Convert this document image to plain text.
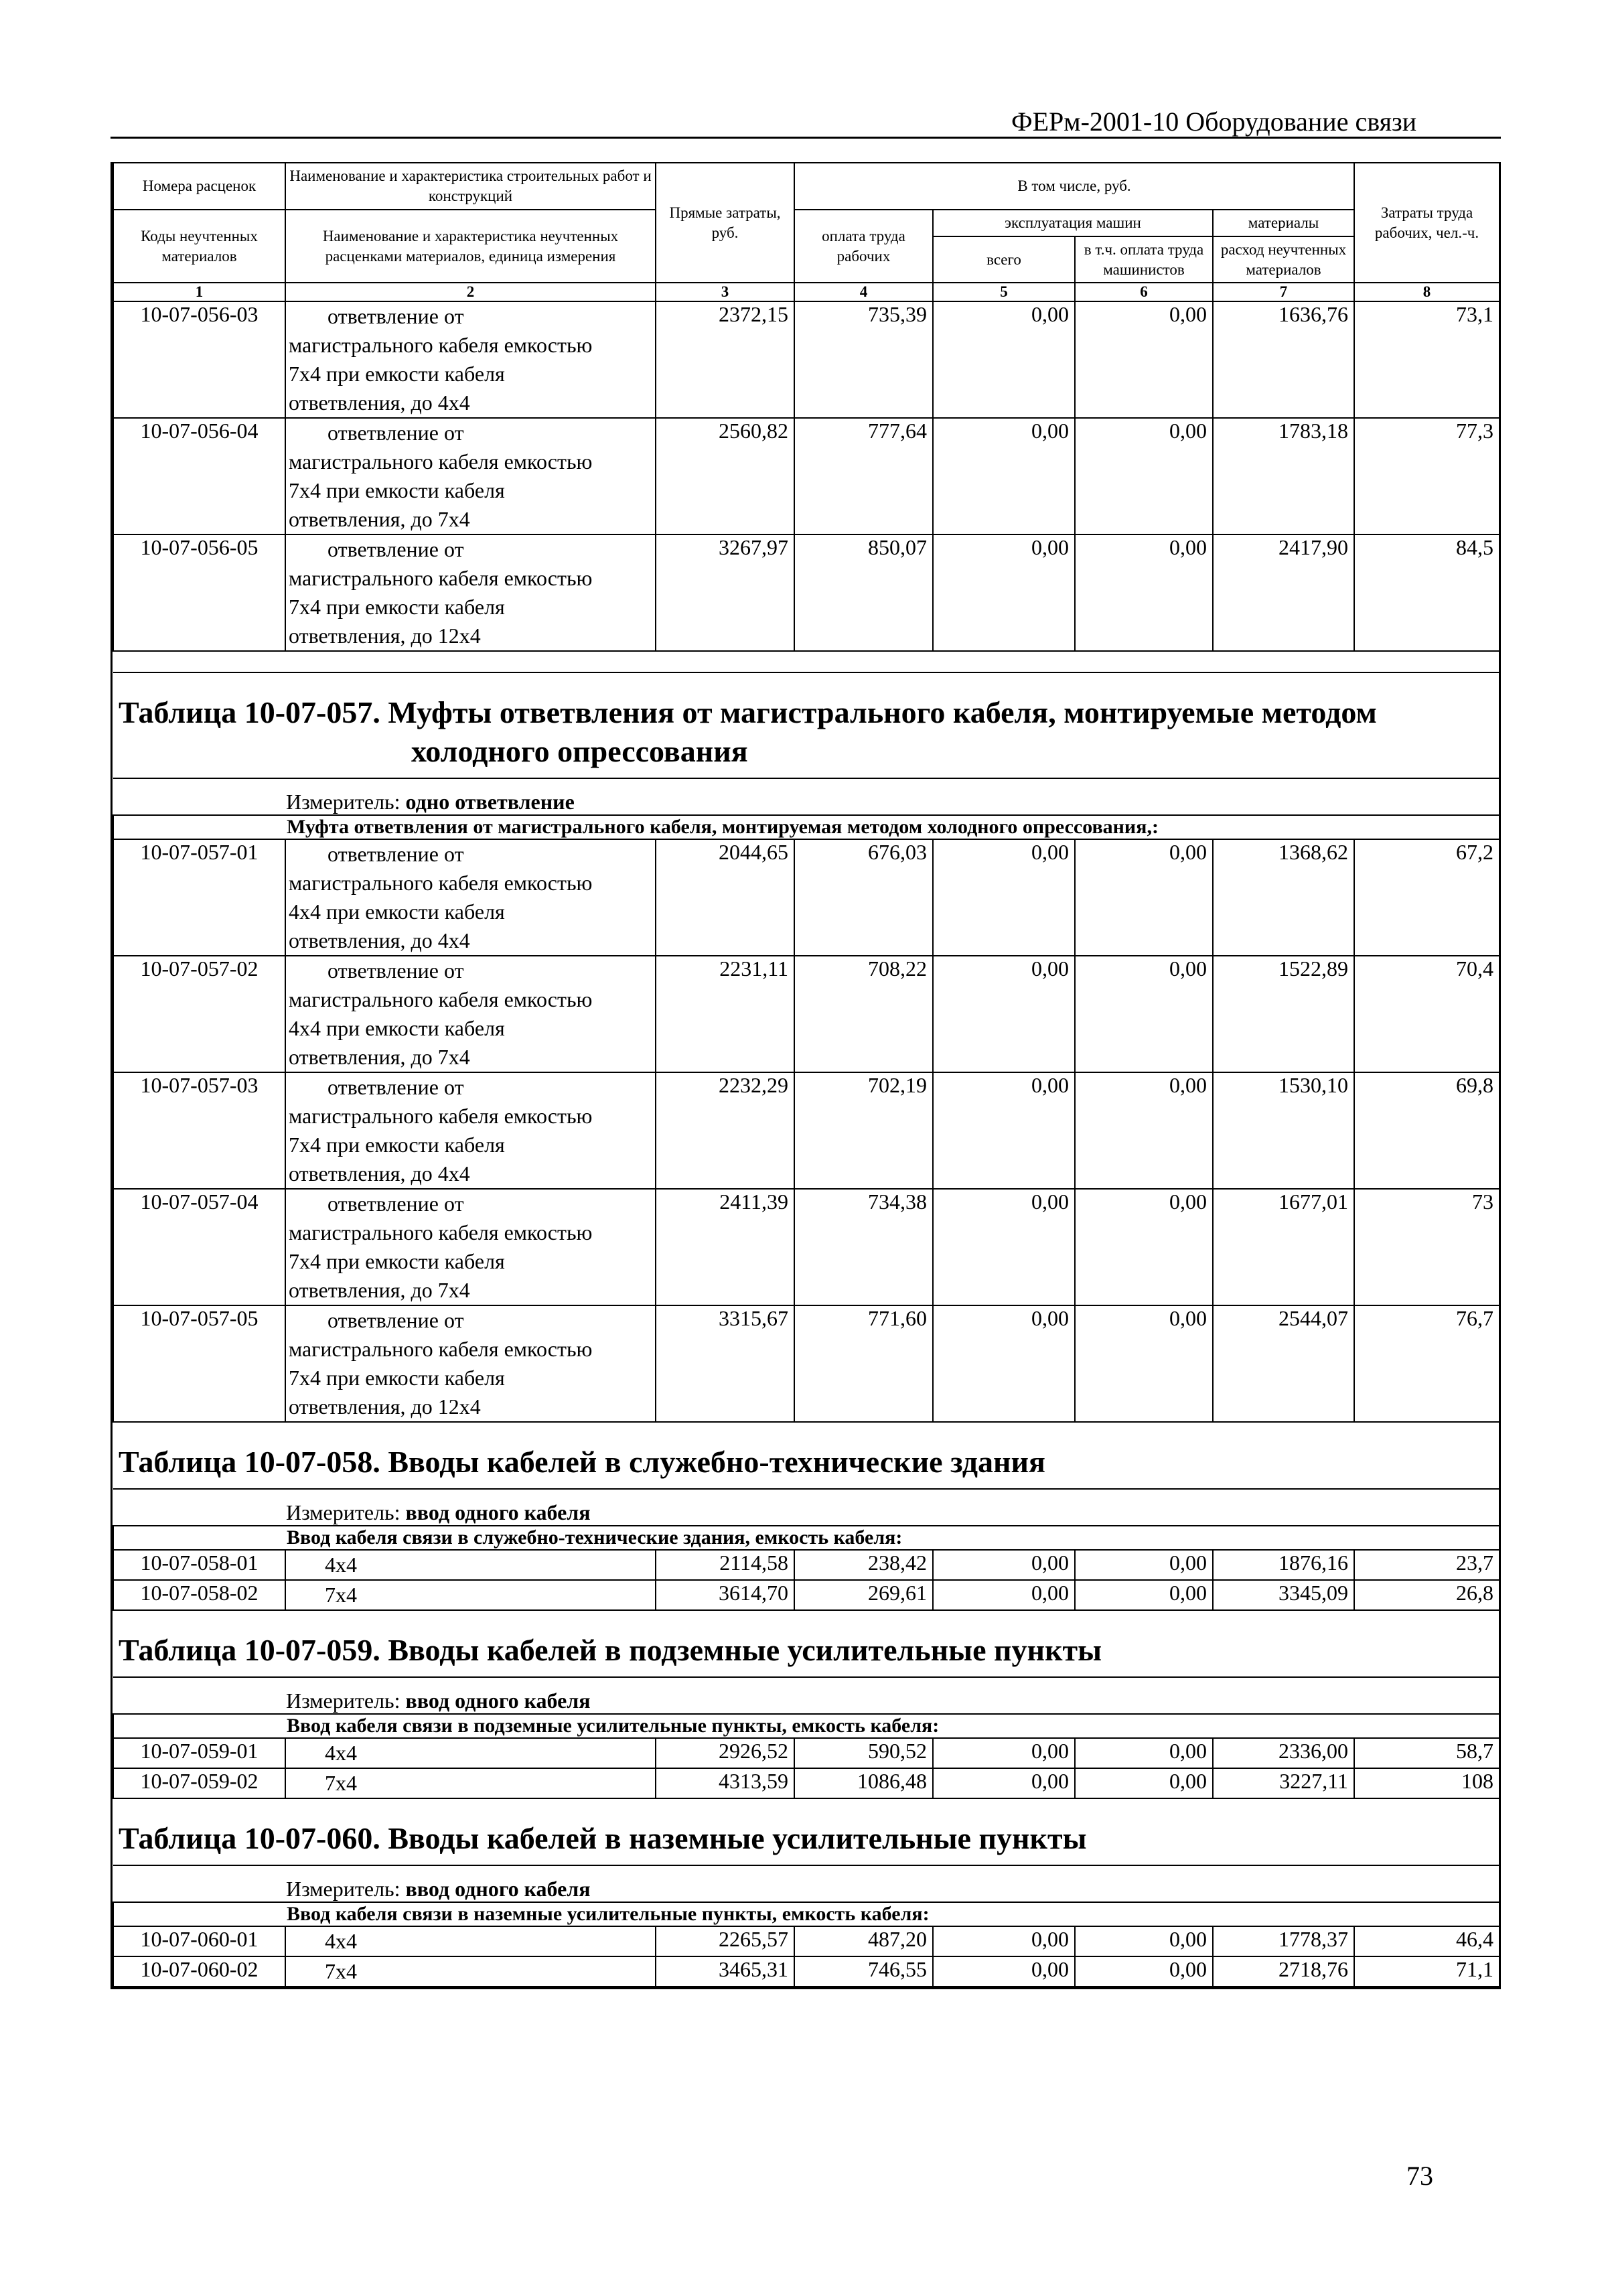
ФЕРм-2001-10 Оборудование связи
Номера расценок	Наименование и характеристика строительных работ и конструкций	Прямые затраты, руб.	В том числе, руб.				Затраты труда рабочих, чел.-ч.
Коды неучтенных материалов	Наименование и характеристика неучтенных расценками материалов, единица измерения		оплата труда рабочих	эксплуатация машин		материалы	
				всего	в т.ч. оплата труда машинистов	расход неучтенных материалов	
1	2	3	4	5	6	7	8
10-07-056-03	ответвление от
магистрального кабеля емкостью
7х4 при емкости кабеля
ответвления, до 4х4	2372,15	735,39	0,00	0,00	1636,76	73,1
10-07-056-04	ответвление от
магистрального кабеля емкостью
7х4 при емкости кабеля
ответвления, до 7х4	2560,82	777,64	0,00	0,00	1783,18	77,3
10-07-056-05	ответвление от
магистрального кабеля емкостью
7х4 при емкости кабеля
ответвления, до 12х4	3267,97	850,07	0,00	0,00	2417,90	84,5

Таблица 10-07-057. Муфты ответвления от магистрального кабеля, монтируемые методом
холодного опрессования							

Измеритель: одно ответвление							
Муфта ответвления от магистрального кабеля, монтируемая методом холодного опрессования,:							
10-07-057-01	ответвление от
магистрального кабеля емкостью
4х4 при емкости кабеля
ответвления, до 4х4	2044,65	676,03	0,00	0,00	1368,62	67,2
10-07-057-02	ответвление от
магистрального кабеля емкостью
4х4 при емкости кабеля
ответвления, до 7х4	2231,11	708,22	0,00	0,00	1522,89	70,4
10-07-057-03	ответвление от
магистрального кабеля емкостью
7х4 при емкости кабеля
ответвления, до 4х4	2232,29	702,19	0,00	0,00	1530,10	69,8
10-07-057-04	ответвление от
магистрального кабеля емкостью
7х4 при емкости кабеля
ответвления, до 7х4	2411,39	734,38	0,00	0,00	1677,01	73
10-07-057-05	ответвление от
магистрального кабеля емкостью
7х4 при емкости кабеля
ответвления, до 12х4	3315,67	771,60	0,00	0,00	2544,07	76,7
Таблица 10-07-058. Вводы кабелей в служебно-технические здания							
Измеритель: ввод одного кабеля							
Ввод кабеля связи в служебно-технические здания, емкость кабеля:							
10-07-058-01	4х4	2114,58	238,42	0,00	0,00	1876,16	23,7
10-07-058-02	7х4	3614,70	269,61	0,00	0,00	3345,09	26,8
Таблица 10-07-059. Вводы кабелей в подземные усилительные пункты							
Измеритель: ввод одного кабеля							
Ввод кабеля связи в подземные усилительные пункты, емкость кабеля:							
10-07-059-01	4х4	2926,52	590,52	0,00	0,00	2336,00	58,7
10-07-059-02	7х4	4313,59	1086,48	0,00	0,00	3227,11	108
Таблица 10-07-060. Вводы кабелей в наземные усилительные пункты							
Измеритель: ввод одного кабеля							
Ввод кабеля связи в наземные усилительные пункты, емкость кабеля:							
10-07-060-01	4х4	2265,57	487,20	0,00	0,00	1778,37	46,4
10-07-060-02	7х4	3465,31	746,55	0,00	0,00	2718,76	71,1
73
